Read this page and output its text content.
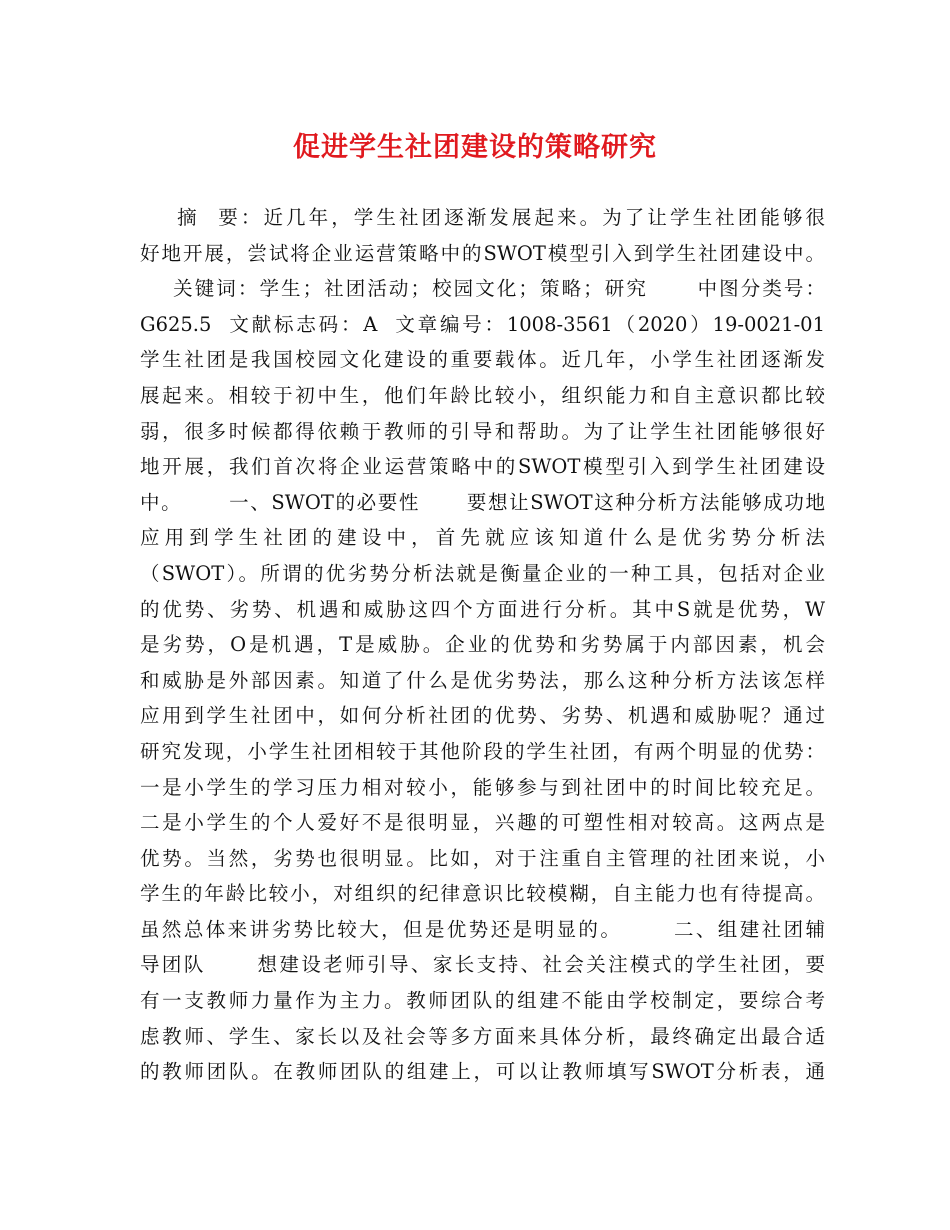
促进学生社团建设的策略研究
摘  要：近几年，学生社团逐渐发展起来。为了让学生社团能够很
好地开展，尝试将企业运营策略中的SWOT模型引入到学生社团建设中。
关键词：学生；社团活动；校园文化；策略；研究      中图分类号：
G625.5  文献标志码：A  文章编号：1008-3561（2020）19-0021-01
学生社团是我国校园文化建设的重要载体。近几年，小学生社团逐渐发
展起来。相较于初中生，他们年龄比较小，组织能力和自主意识都比较
弱，很多时候都得依赖于教师的引导和帮助。为了让学生社团能够很好
地开展，我们首次将企业运营策略中的SWOT模型引入到学生社团建设
中。      一、SWOT的必要性      要想让SWOT这种分析方法能够成功地
应用到学生社团的建设中，首先就应该知道什么是优劣势分析法
（SWOT）。所谓的优劣势分析法就是衡量企业的一种工具，包括对企业
的优势、劣势、机遇和威胁这四个方面进行分析。其中S就是优势，W
是劣势，O是机遇，T是威胁。企业的优势和劣势属于内部因素，机会
和威胁是外部因素。知道了什么是优劣势法，那么这种分析方法该怎样
应用到学生社团中，如何分析社团的优势、劣势、机遇和威胁呢？通过
研究发现，小学生社团相较于其他阶段的学生社团，有两个明显的优势：
一是小学生的学习压力相对较小，能够参与到社团中的时间比较充足。
二是小学生的个人爱好不是很明显，兴趣的可塑性相对较高。这两点是
优势。当然，劣势也很明显。比如，对于注重自主管理的社团来说，小
学生的年龄比较小，对组织的纪律意识比较模糊，自主能力也有待提高。
虽然总体来讲劣势比较大，但是优势还是明显的。      二、组建社团辅
导团队      想建设老师引导、家长支持、社会关注模式的学生社团，要
有一支教师力量作为主力。教师团队的组建不能由学校制定，要综合考
虑教师、学生、家长以及社会等多方面来具体分析，最终确定出最合适
的教师团队。在教师团队的组建上，可以让教师填写SWOT分析表，通
